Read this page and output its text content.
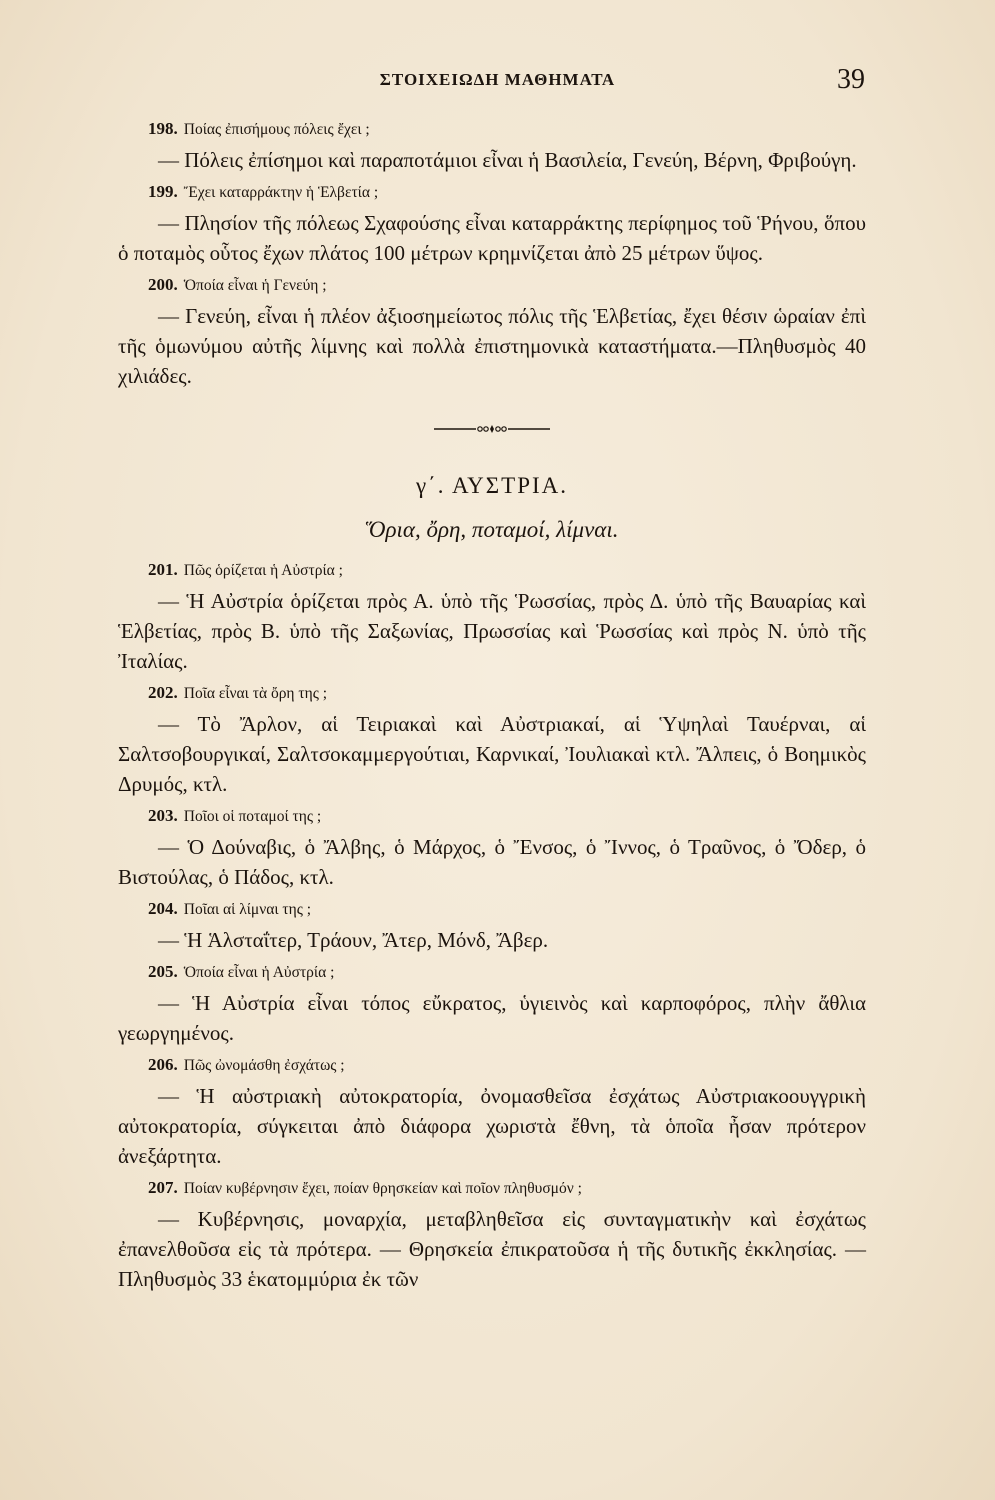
ΣΤΟΙΧΕΙΩΔΗ ΜΑΘΗΜΑΤΑ	39
198. Ποίας ἐπισήμους πόλεις ἔχει ;
— Πόλεις ἐπίσημοι καὶ παραποτάμιοι εἶναι ἡ Βασιλεία, Γενεύη, Βέρνη, Φριβούγη.
199. Ἔχει καταρράκτην ἡ Ἑλβετία ;
— Πλησίον τῆς πόλεως Σχαφούσης εἶναι καταρράκτης περίφημος τοῦ Ῥήνου, ὅπου ὁ ποταμὸς οὗτος ἔχων πλάτος 100 μέτρων κρημνίζεται ἀπὸ 25 μέτρων ὕψος.
200. Ὁποία εἶναι ἡ Γενεύη ;
— Γενεύη, εἶναι ἡ πλέον ἀξιοσημείωτος πόλις τῆς Ἑλβετίας, ἔχει θέσιν ὡραίαν ἐπὶ τῆς ὁμωνύμου αὐτῆς λίμνης καὶ πολλὰ ἐπιστημονικὰ καταστήματα.—Πληθυσμὸς 40 χιλιάδες.
γ΄. ΑΥΣΤΡΙΑ.
Ὅρια, ὄρη, ποταμοί, λίμναι.
201. Πῶς ὁρίζεται ἡ Αὐστρία ;
— Ἡ Αὐστρία ὁρίζεται πρὸς Α. ὑπὸ τῆς Ῥωσσίας, πρὸς Δ. ὑπὸ τῆς Βαυαρίας καὶ Ἑλβετίας, πρὸς Β. ὑπὸ τῆς Σαξωνίας, Πρωσσίας καὶ Ῥωσσίας καὶ πρὸς Ν. ὑπὸ τῆς Ἰταλίας.
202. Ποῖα εἶναι τὰ ὄρη της ;
— Τὸ Ἄρλον, αἱ Τειριακαὶ καὶ Αὐστριακαί, αἱ Ὑψηλαὶ Ταυέρναι, αἱ Σαλτσοβουργικαί, Σαλτσοκαμμεργούτιαι, Καρνικαί, Ἰουλιακαὶ κτλ. Ἄλπεις, ὁ Βοημικὸς Δρυμός, κτλ.
203. Ποῖοι οἱ ποταμοί της ;
— Ὁ Δούναβις, ὁ Ἄλβης, ὁ Μάρχος, ὁ Ἔνσος, ὁ Ἴννος, ὁ Τραῦνος, ὁ Ὄδερ, ὁ Βιστούλας, ὁ Πάδος, κτλ.
204. Ποῖαι αἱ λίμναι της ;
— Ἡ Ἁλσταΐτερ, Τράουν, Ἄτερ, Μόνδ, Ἄβερ.
205. Ὁποία εἶναι ἡ Αὐστρία ;
— Ἡ Αὐστρία εἶναι τόπος εὔκρατος, ὑγιεινὸς καὶ καρποφόρος, πλὴν ἄθλια γεωργημένος.
206. Πῶς ὠνομάσθη ἐσχάτως ;
— Ἡ αὐστριακὴ αὐτοκρατορία, ὀνομασθεῖσα ἐσχάτως Αὐστριακοουγγρικὴ αὐτοκρατορία, σύγκειται ἀπὸ διάφορα χωριστὰ ἔθνη, τὰ ὁποῖα ἦσαν πρότερον ἀνεξάρτητα.
207. Ποίαν κυβέρνησιν ἔχει, ποίαν θρησκείαν καὶ ποῖον πληθυσμόν ;
— Κυβέρνησις, μοναρχία, μεταβληθεῖσα εἰς συνταγματικὴν καὶ ἐσχάτως ἐπανελθοῦσα εἰς τὰ πρότερα. — Θρησκεία ἐπικρατοῦσα ἡ τῆς δυτικῆς ἐκκλησίας. — Πληθυσμὸς 33 ἑκατομμύρια ἐκ τῶν
